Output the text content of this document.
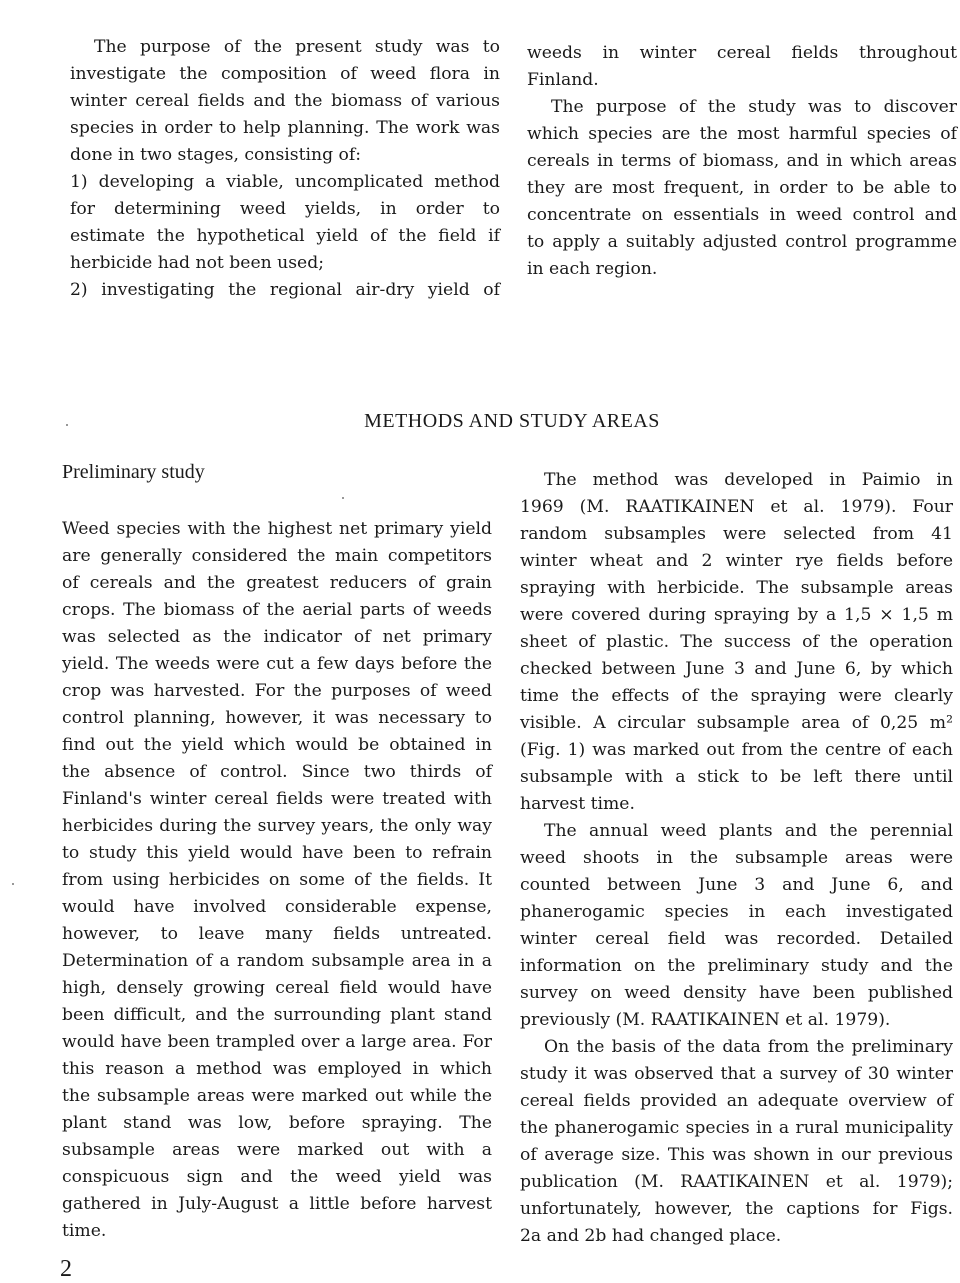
The purpose of the present study was to
investigate the composition of weed flora in
winter cereal fields and the biomass of various
species in order to help planning. The work was
done in two stages, consisting of:
1) developing a viable, uncomplicated method
for determining weed yields, in order to
estimate the hypothetical yield of the field if
herbicide had not been used;
2) investigating the regional air-dry yield of
weeds in winter cereal fields throughout
Finland.
The purpose of the study was to discover
which species are the most harmful species of
cereals in terms of biomass, and in which areas
they are most frequent, in order to be able to
concentrate on essentials in weed control and
to apply a suitably adjusted control programme
in each region.
METHODS AND STUDY AREAS
Preliminary study
Weed species with the highest net primary yield
are generally considered the main competitors
of cereals and the greatest reducers of grain
crops. The biomass of the aerial parts of weeds
was selected as the indicator of net primary
yield. The weeds were cut a few days before the
crop was harvested. For the purposes of weed
control planning, however, it was necessary to
find out the yield which would be obtained in
the absence of control. Since two thirds of
Finland's winter cereal fields were treated with
herbicides during the survey years, the only way
to study this yield would have been to refrain
from using herbicides on some of the fields. It
would have involved considerable expense,
however, to leave many fields untreated.
Determination of a random subsample area in a
high, densely growing cereal field would have
been difficult, and the surrounding plant stand
would have been trampled over a large area. For
this reason a method was employed in which
the subsample areas were marked out while the
plant stand was low, before spraying. The
subsample areas were marked out with a
conspicuous sign and the weed yield was
gathered in July-August a little before harvest
time.
The method was developed in Paimio in
1969 (M. RAATIKAINEN et al. 1979). Four
random subsamples were selected from 41
winter wheat and 2 winter rye fields before
spraying with herbicide. The subsample areas
were covered during spraying by a 1,5 × 1,5 m
sheet of plastic. The success of the operation
checked between June 3 and June 6, by which
time the effects of the spraying were clearly
visible. A circular subsample area of 0,25 m²
(Fig. 1) was marked out from the centre of each
subsample with a stick to be left there until
harvest time.
The annual weed plants and the perennial
weed shoots in the subsample areas were
counted between June 3 and June 6, and
phanerogamic species in each investigated
winter cereal field was recorded. Detailed
information on the preliminary study and the
survey on weed density have been published
previously (M. RAATIKAINEN et al. 1979).
On the basis of the data from the preliminary
study it was observed that a survey of 30 winter
cereal fields provided an adequate overview of
the phanerogamic species in a rural municipality
of average size. This was shown in our previous
publication (M. RAATIKAINEN et al. 1979);
unfortunately, however, the captions for Figs.
2a and 2b had changed place.
2
